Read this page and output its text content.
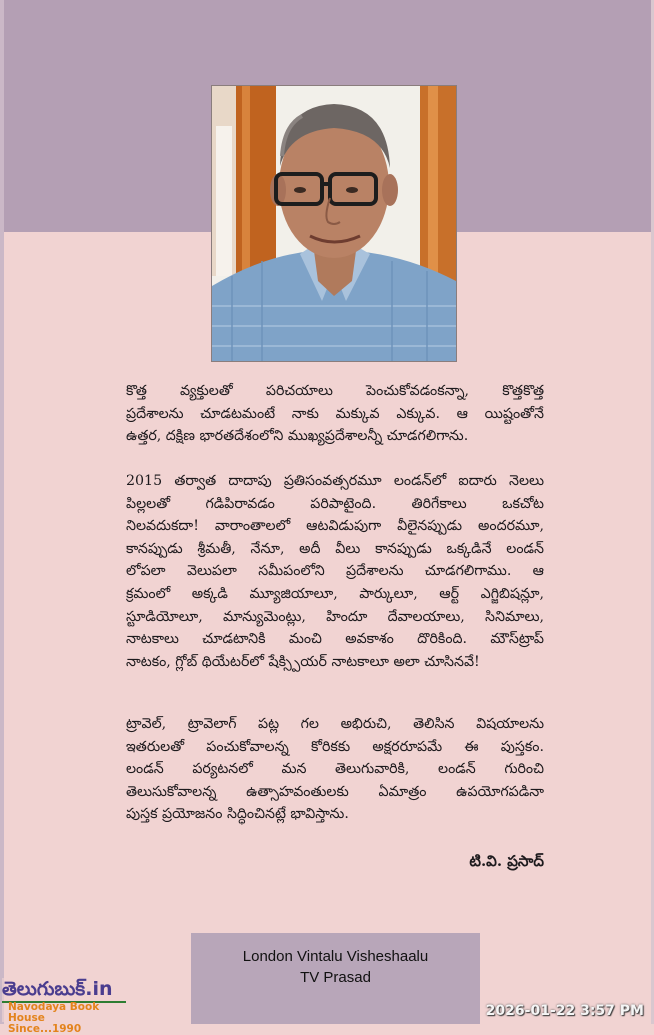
కొత్త వ్యక్తులతో పరిచయాలు పెంచుకోవడంకన్నా, కొత్తకొత్త
ప్రదేశాలను చూడటమంటే నాకు మక్కువ ఎక్కువ. ఆ యిష్టంతోనే
ఉత్తర, దక్షిణ భారతదేశంలోని ముఖ్యప్రదేశాలన్నీ చూడగలిగాను.
2015 తర్వాత దాదాపు ప్రతిసంవత్సరమూ లండన్‌లో ఐదారు నెలలు
పిల్లలతో గడిపిరావడం పరిపాటైంది. తిరిగేకాలు ఒకచోట
నిలవదుకదా! వారాంతాలలో ఆటవిడుపుగా వీలైనప్పుడు అందరమూ,
కానప్పుడు శ్రీమతీ, నేనూ, అదీ వీలు కానప్పుడు ఒక్కడినే లండన్
లోపలా వెలుపలా సమీపంలోని ప్రదేశాలను చూడగలిగాము. ఆ
క్రమంలో అక్కడి మ్యూజియాలూ, పార్కులూ, ఆర్ట్ ఎగ్జిబిషన్లూ,
స్టూడియోలూ, మాన్యుమెంట్లు, హిందూ దేవాలయాలు, సినిమాలు,
నాటకాలు చూడటానికి మంచి అవకాశం దొరికింది. మౌస్‌ట్రాప్
నాటకం, గ్లోబ్ థియేటర్‌లో షేక్స్పియర్ నాటకాలూ అలా చూసినవే!
ట్రావెల్, ట్రావెలాగ్ పట్ల గల అభిరుచి, తెలిసిన విషయాలను
ఇతరులతో పంచుకోవాలన్న కోరికకు అక్షరరూపమే ఈ పుస్తకం.
లండన్ పర్యటనలో మన తెలుగువారికి, లండన్ గురించి
తెలుసుకోవాలన్న ఉత్సాహవంతులకు ఏమాత్రం ఉపయోగపడినా
పుస్తక ప్రయోజనం సిద్ధించినట్లే భావిస్తాను.
టి.వి. ప్రసాద్
London Vintalu Visheshaalu
TV Prasad
తెలుగుబుక్.in
Navodaya Book House
Since...1990
2026-01-22 3:57 PM
